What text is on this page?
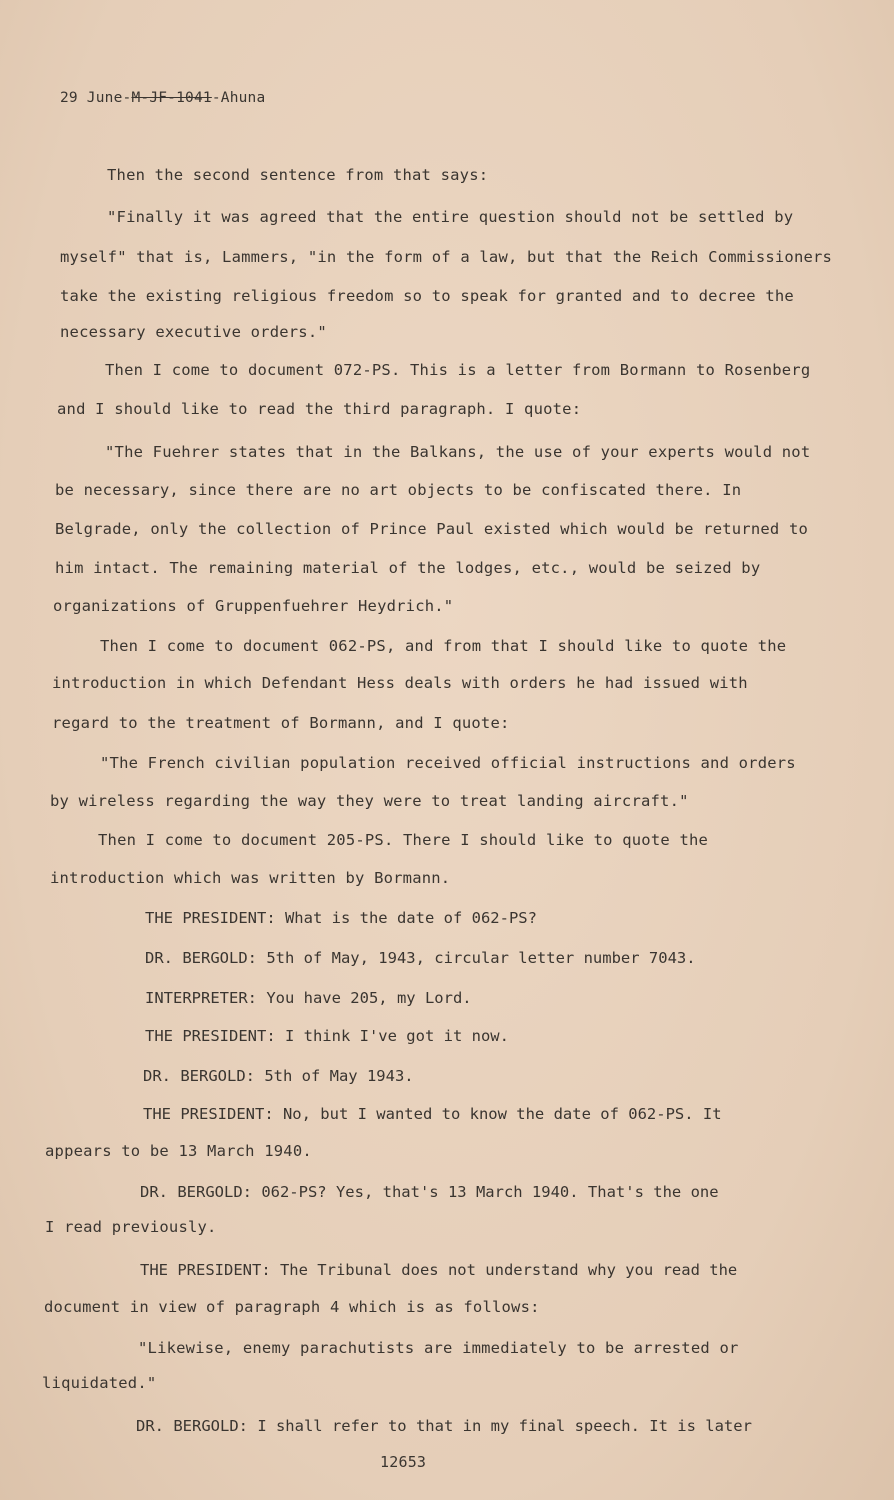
29 June-M-JF-1041-Ahuna
Then the second sentence from that says:
"Finally it was agreed that the entire question should not be settled by
myself" that is, Lammers, "in the form of a law, but that the Reich Commissioners
take the existing religious freedom so to speak for granted and to decree the
necessary executive orders."
Then I come to document 072-PS. This is a letter from Bormann to Rosenberg
and I should like to read the third paragraph. I quote:
"The Fuehrer states that in the Balkans, the use of your experts would not
be necessary, since there are no art objects to be confiscated there. In
Belgrade, only the collection of Prince Paul existed which would be returned to
him intact. The remaining material of the lodges, etc., would be seized by
organizations of Gruppenfuehrer Heydrich."
Then I come to document 062-PS, and from that I should like to quote the
introduction in which Defendant Hess deals with orders he had issued with
regard to the treatment of Bormann, and I quote:
"The French civilian population received official instructions and orders
by wireless regarding the way they were to treat landing aircraft."
Then I come to document 205-PS. There I should like to quote the
introduction which was written by Bormann.
THE PRESIDENT: What is the date of 062-PS?
DR. BERGOLD: 5th of May, 1943, circular letter number 7043.
INTERPRETER: You have 205, my Lord.
THE PRESIDENT: I think I've got it now.
DR. BERGOLD: 5th of May 1943.
THE PRESIDENT: No, but I wanted to know the date of 062-PS. It
appears to be 13 March 1940.
DR. BERGOLD: 062-PS? Yes, that's 13 March 1940. That's the one
I read previously.
THE PRESIDENT: The Tribunal does not understand why you read the
document in view of paragraph 4 which is as follows:
"Likewise, enemy parachutists are immediately to be arrested or
liquidated."
DR. BERGOLD: I shall refer to that in my final speech. It is later
12653
